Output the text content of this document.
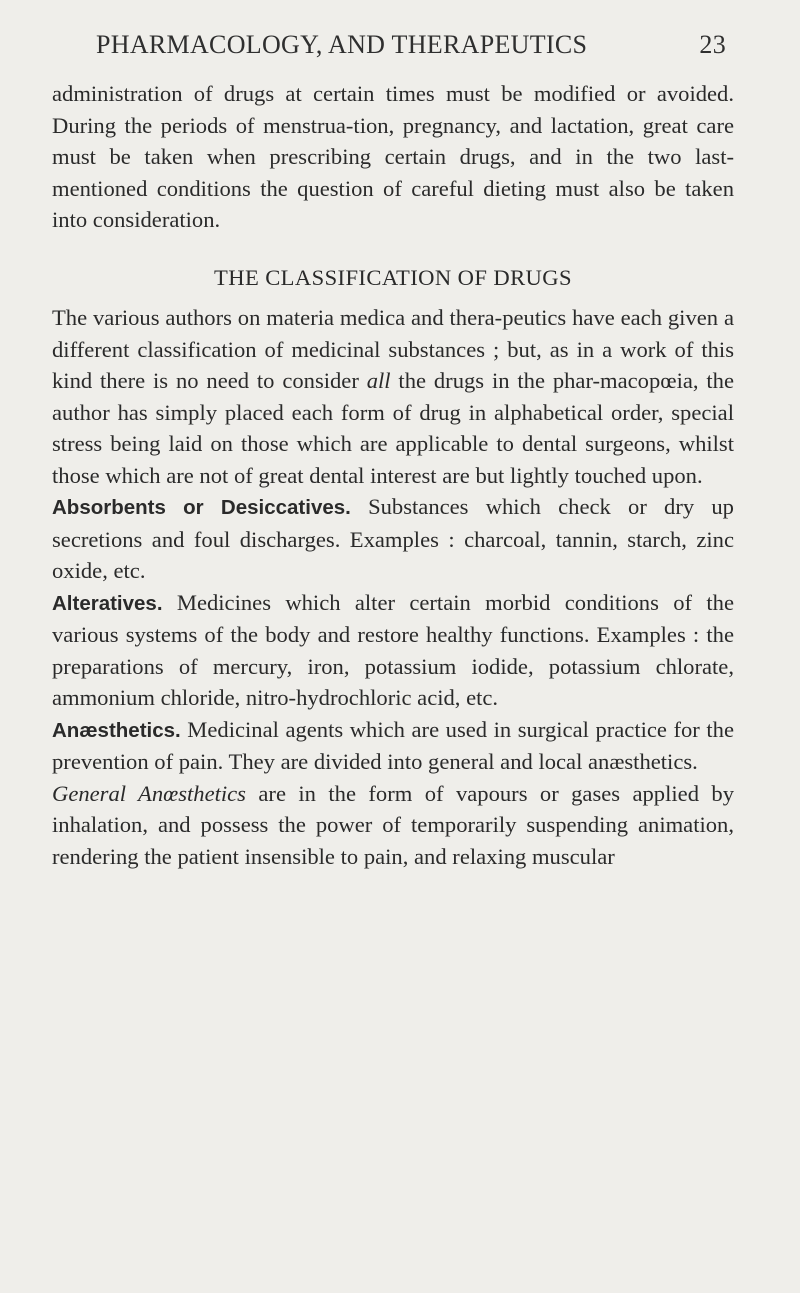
PHARMACOLOGY, AND THERAPEUTICS	23

administration of drugs at certain times must be modified or avoided. During the periods of menstrua-tion, pregnancy, and lactation, great care must be taken when prescribing certain drugs, and in the two last-mentioned conditions the question of careful dieting must also be taken into consideration.

THE CLASSIFICATION OF DRUGS

The various authors on materia medica and thera-peutics have each given a different classification of medicinal substances ; but, as in a work of this kind there is no need to consider all the drugs in the phar-macopœia, the author has simply placed each form of drug in alphabetical order, special stress being laid on those which are applicable to dental surgeons, whilst those which are not of great dental interest are but lightly touched upon.

Absorbents or Desiccatives. Substances which check or dry up secretions and foul discharges. Examples : charcoal, tannin, starch, zinc oxide, etc.

Alteratives. Medicines which alter certain morbid conditions of the various systems of the body and restore healthy functions. Examples : the preparations of mercury, iron, potassium iodide, potassium chlorate, ammonium chloride, nitro-hydrochloric acid, etc.

Anæsthetics. Medicinal agents which are used in surgical practice for the prevention of pain. They are divided into general and local anæsthetics.

General Anœsthetics are in the form of vapours or gases applied by inhalation, and possess the power of temporarily suspending animation, rendering the patient insensible to pain, and relaxing muscular
